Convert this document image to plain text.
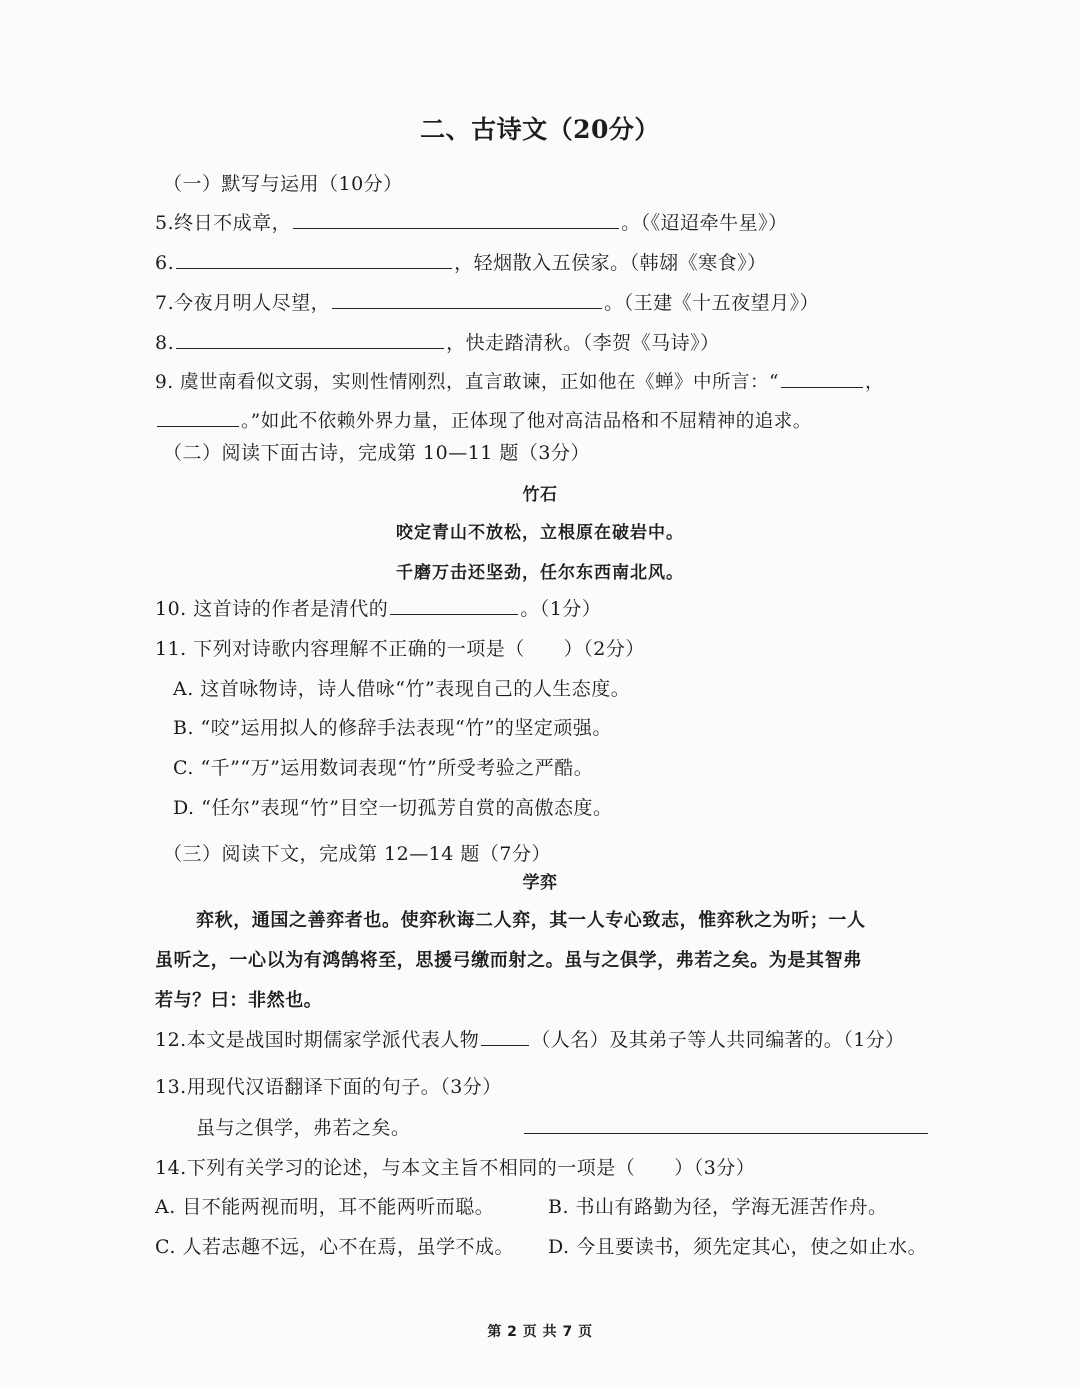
二、古诗文（20分）
（一）默写与运用（10分）
5.终日不成章，	。（《迢迢牵牛星》）
6.	，轻烟散入五侯家。（韩翃《寒食》）
7.今夜月明人尽望，	。（王建《十五夜望月》）
8.	，快走踏清秋。（李贺《马诗》）
9. 虞世南看似文弱，实则性情刚烈，直言敢谏，正如他在《蝉》中所言：“	，
。”如此不依赖外界力量，正体现了他对高洁品格和不屈精神的追求。
（二）阅读下面古诗，完成第 10—11 题（3分）
竹石
咬定青山不放松，立根原在破岩中。
千磨万击还坚劲，任尔东西南北风。
10. 这首诗的作者是清代的	。（1分）
11. 下列对诗歌内容理解不正确的一项是（　　）（2分）
A. 这首咏物诗，诗人借咏“竹”表现自己的人生态度。
B. “咬”运用拟人的修辞手法表现“竹”的坚定顽强。
C. “千”“万”运用数词表现“竹”所受考验之严酷。
D. “任尔”表现“竹”目空一切孤芳自赏的高傲态度。
（三）阅读下文，完成第 12—14 题（7分）
学弈
弈秋，通国之善弈者也。使弈秋诲二人弈，其一人专心致志，惟弈秋之为听；一人
虽听之，一心以为有鸿鹄将至，思援弓缴而射之。虽与之俱学，弗若之矣。为是其智弗
若与？曰：非然也。
12.本文是战国时期儒家学派代表人物	（人名）及其弟子等人共同编著的。（1分）
13.用现代汉语翻译下面的句子。（3分）
虽与之俱学，弗若之矣。
14.下列有关学习的论述，与本文主旨不相同的一项是（　　）（3分）
A. 目不能两视而明，耳不能两听而聪。	B. 书山有路勤为径，学海无涯苦作舟。
C. 人若志趣不远，心不在焉，虽学不成。 D. 今且要读书，须先定其心，使之如止水。
第 2 页 共 7 页
